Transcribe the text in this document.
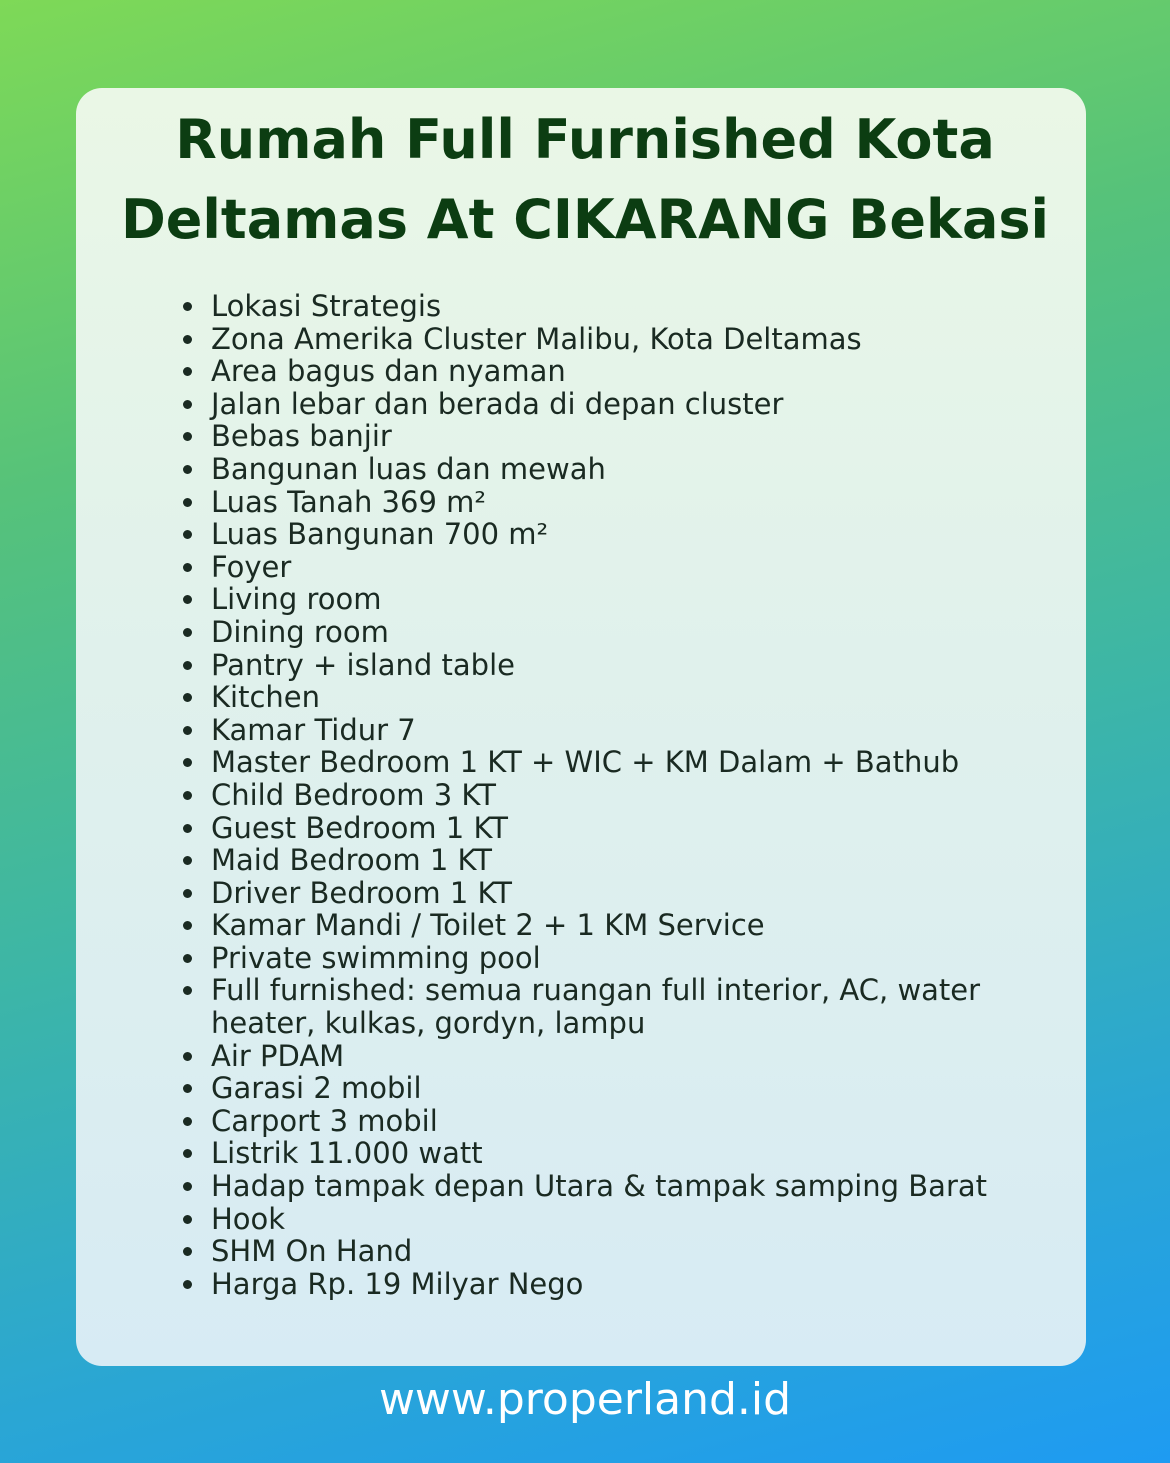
Rumah Full Furnished Kota
Deltamas At CIKARANG Bekasi
Lokasi Strategis
Zona Amerika Cluster Malibu, Kota Deltamas
Area bagus dan nyaman
Jalan lebar dan berada di depan cluster
Bebas banjir
Bangunan luas dan mewah
Luas Tanah 369 m²
Luas Bangunan 700 m²
Foyer
Living room
Dining room
Pantry + island table
Kitchen
Kamar Tidur 7
Master Bedroom 1 KT + WIC + KM Dalam + Bathub
Child Bedroom 3 KT
Guest Bedroom 1 KT
Maid Bedroom 1 KT
Driver Bedroom 1 KT
Kamar Mandi / Toilet 2 + 1 KM Service
Private swimming pool
Full furnished: semua ruangan full interior, AC, water heater, kulkas, gordyn, lampu
Air PDAM
Garasi 2 mobil
Carport 3 mobil
Listrik 11.000 watt
Hadap tampak depan Utara & tampak samping Barat
Hook
SHM On Hand
Harga Rp. 19 Milyar Nego
www.properland.id
